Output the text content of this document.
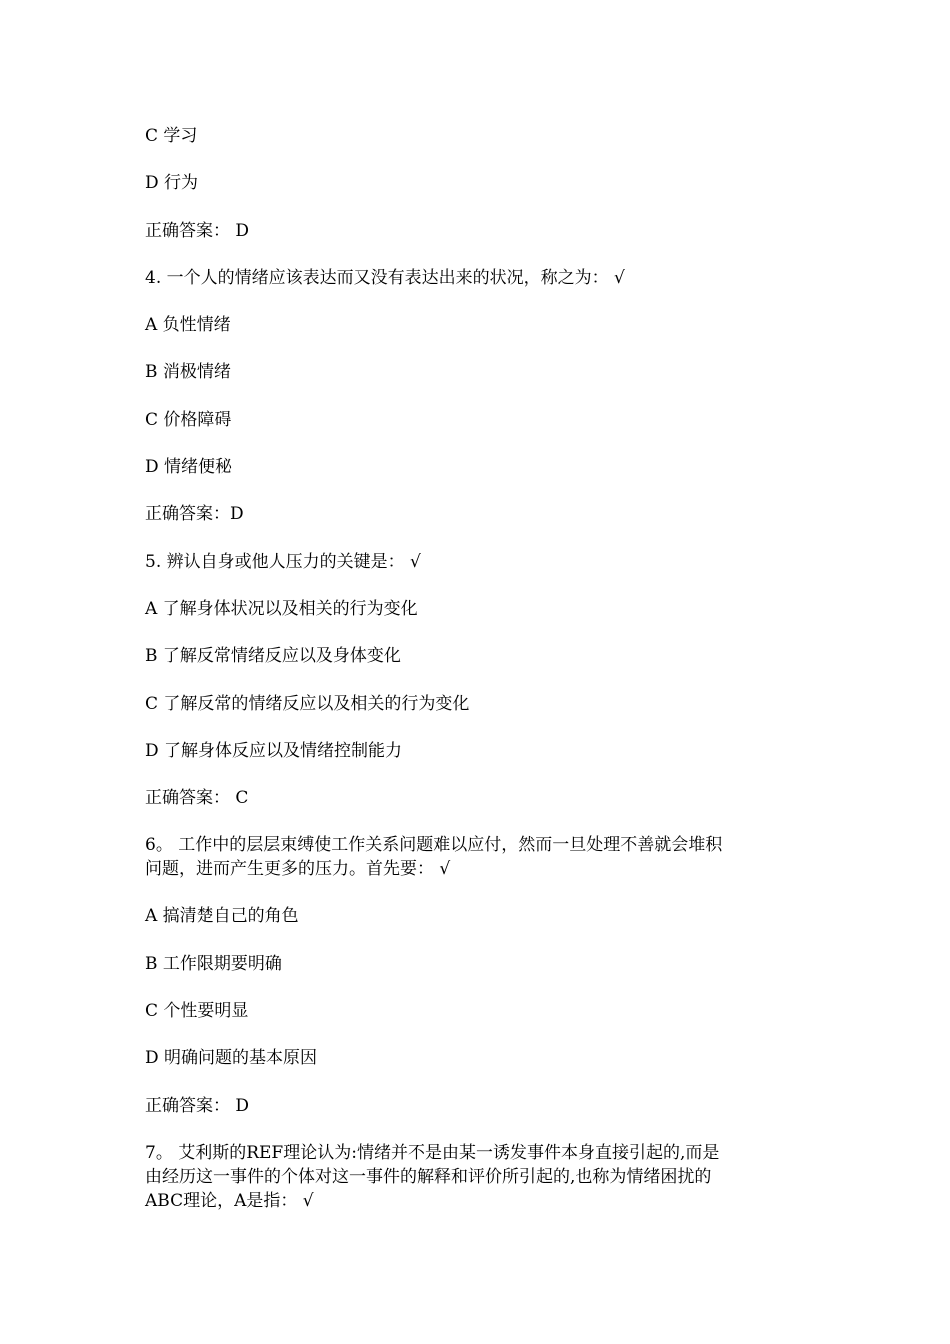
C 学习
D 行为
正确答案： D
4. 一个人的情绪应该表达而又没有表达出来的状况，称之为： √
A 负性情绪
B 消极情绪
C 价格障碍
D 情绪便秘
正确答案：D
5. 辨认自身或他人压力的关键是： √
A 了解身体状况以及相关的行为变化
B 了解反常情绪反应以及身体变化
C 了解反常的情绪反应以及相关的行为变化
D 了解身体反应以及情绪控制能力
正确答案： C
6。 工作中的层层束缚使工作关系问题难以应付，然而一旦处理不善就会堆积
问题，进而产生更多的压力。首先要： √
A 搞清楚自己的角色
B 工作限期要明确
C 个性要明显
D 明确问题的基本原因
正确答案： D
7。 艾利斯的REF理论认为:情绪并不是由某一诱发事件本身直接引起的,而是
由经历这一事件的个体对这一事件的解释和评价所引起的,也称为情绪困扰的
ABC理论，A是指： √
